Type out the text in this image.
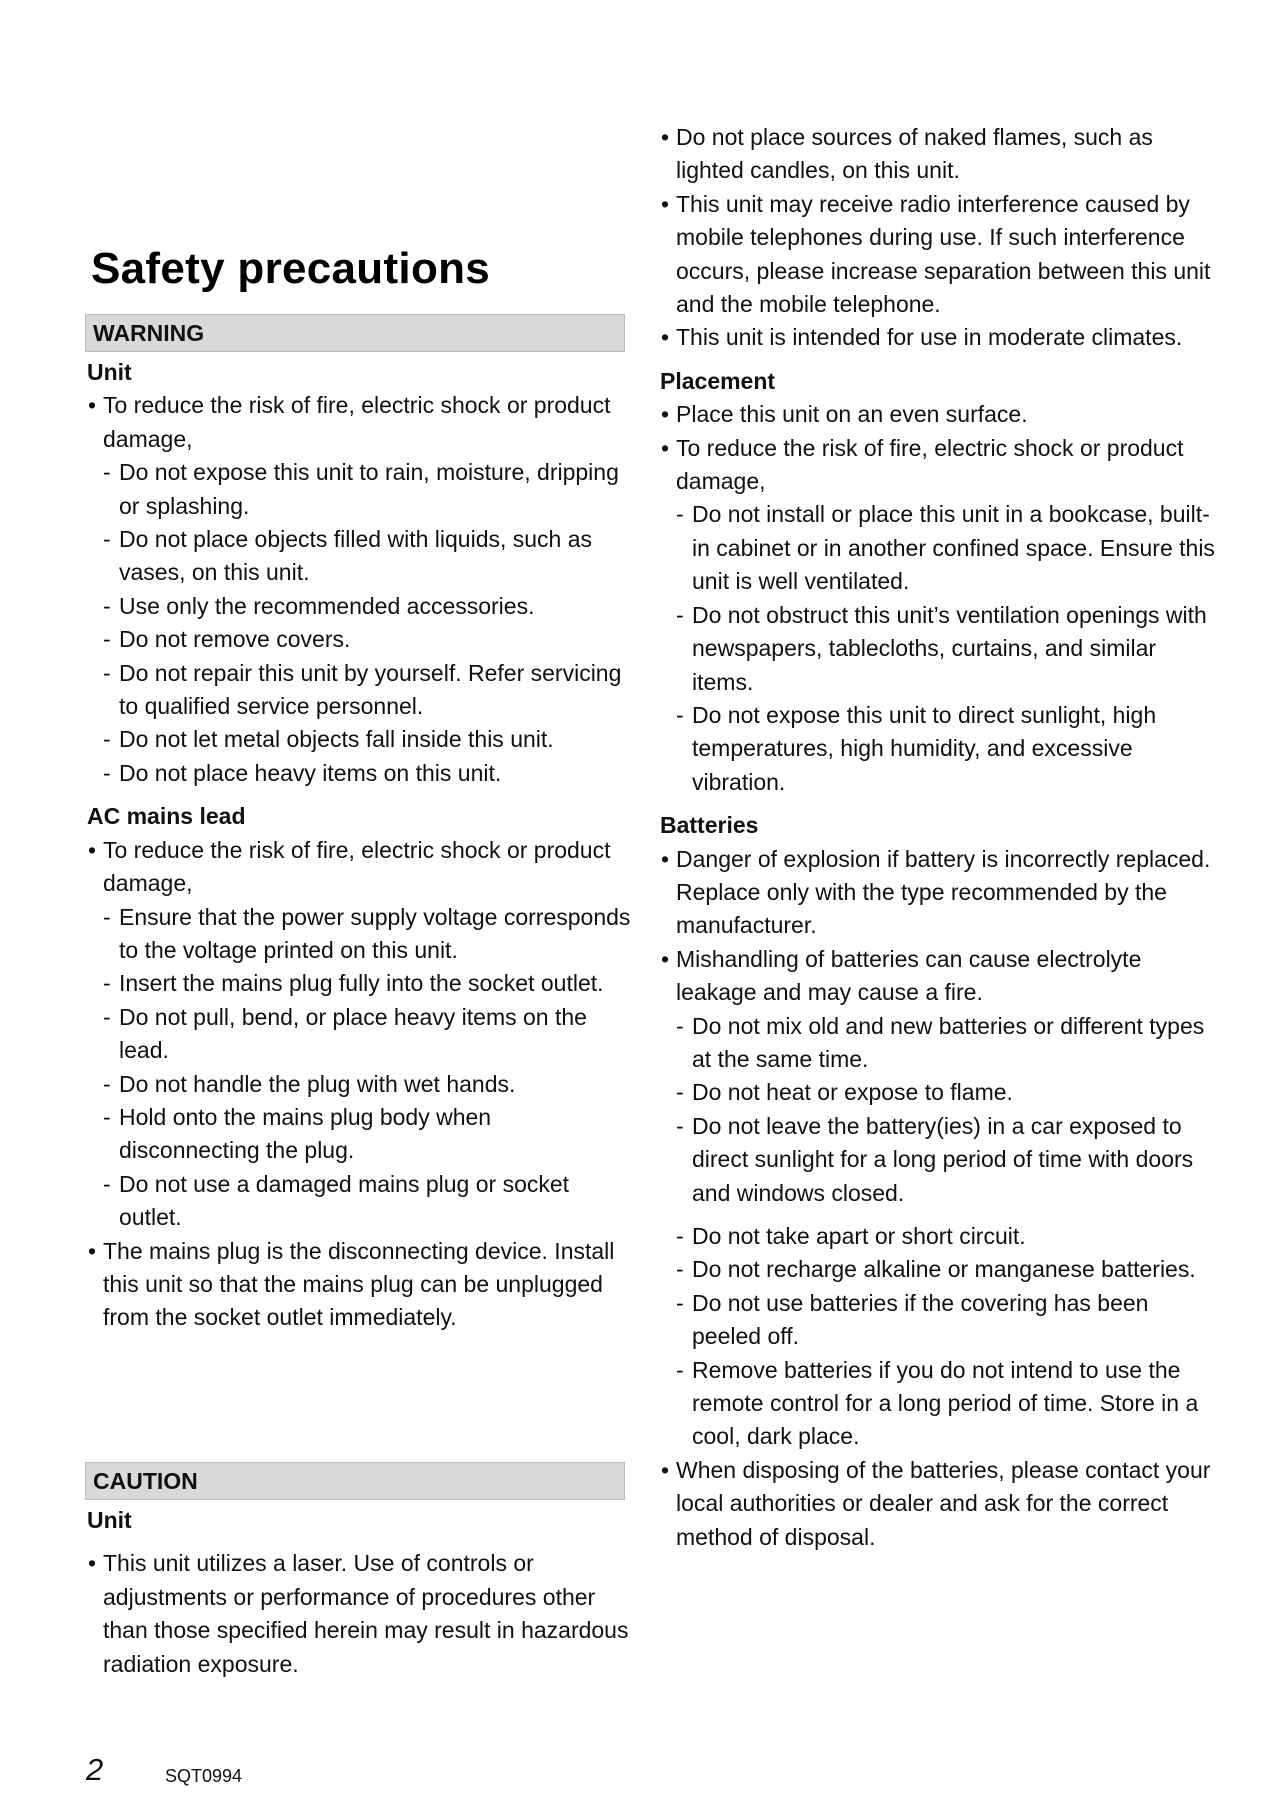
Safety precautions
WARNING
Unit
• To reduce the risk of fire, electric shock or product damage,
- Do not expose this unit to rain, moisture, dripping or splashing.
- Do not place objects filled with liquids, such as vases, on this unit.
- Use only the recommended accessories.
- Do not remove covers.
- Do not repair this unit by yourself. Refer servicing to qualified service personnel.
- Do not let metal objects fall inside this unit.
- Do not place heavy items on this unit.
AC mains lead
• To reduce the risk of fire, electric shock or product damage,
- Ensure that the power supply voltage corresponds to the voltage printed on this unit.
- Insert the mains plug fully into the socket outlet.
- Do not pull, bend, or place heavy items on the lead.
- Do not handle the plug with wet hands.
- Hold onto the mains plug body when disconnecting the plug.
- Do not use a damaged mains plug or socket outlet.
• The mains plug is the disconnecting device. Install this unit so that the mains plug can be unplugged from the socket outlet immediately.
CAUTION
Unit
• This unit utilizes a laser. Use of controls or adjustments or performance of procedures other than those specified herein may result in hazardous radiation exposure.
• Do not place sources of naked flames, such as lighted candles, on this unit.
• This unit may receive radio interference caused by mobile telephones during use. If such interference occurs, please increase separation between this unit and the mobile telephone.
• This unit is intended for use in moderate climates.
Placement
• Place this unit on an even surface.
• To reduce the risk of fire, electric shock or product damage,
- Do not install or place this unit in a bookcase, built-in cabinet or in another confined space. Ensure this unit is well ventilated.
- Do not obstruct this unit’s ventilation openings with newspapers, tablecloths, curtains, and similar items.
- Do not expose this unit to direct sunlight, high temperatures, high humidity, and excessive vibration.
Batteries
• Danger of explosion if battery is incorrectly replaced. Replace only with the type recommended by the manufacturer.
• Mishandling of batteries can cause electrolyte leakage and may cause a fire.
- Do not mix old and new batteries or different types at the same time.
- Do not heat or expose to flame.
- Do not leave the battery(ies) in a car exposed to direct sunlight for a long period of time with doors and windows closed.
- Do not take apart or short circuit.
- Do not recharge alkaline or manganese batteries.
- Do not use batteries if the covering has been peeled off.
- Remove batteries if you do not intend to use the remote control for a long period of time. Store in a cool, dark place.
• When disposing of the batteries, please contact your local authorities or dealer and ask for the correct method of disposal.
2	SQT0994
